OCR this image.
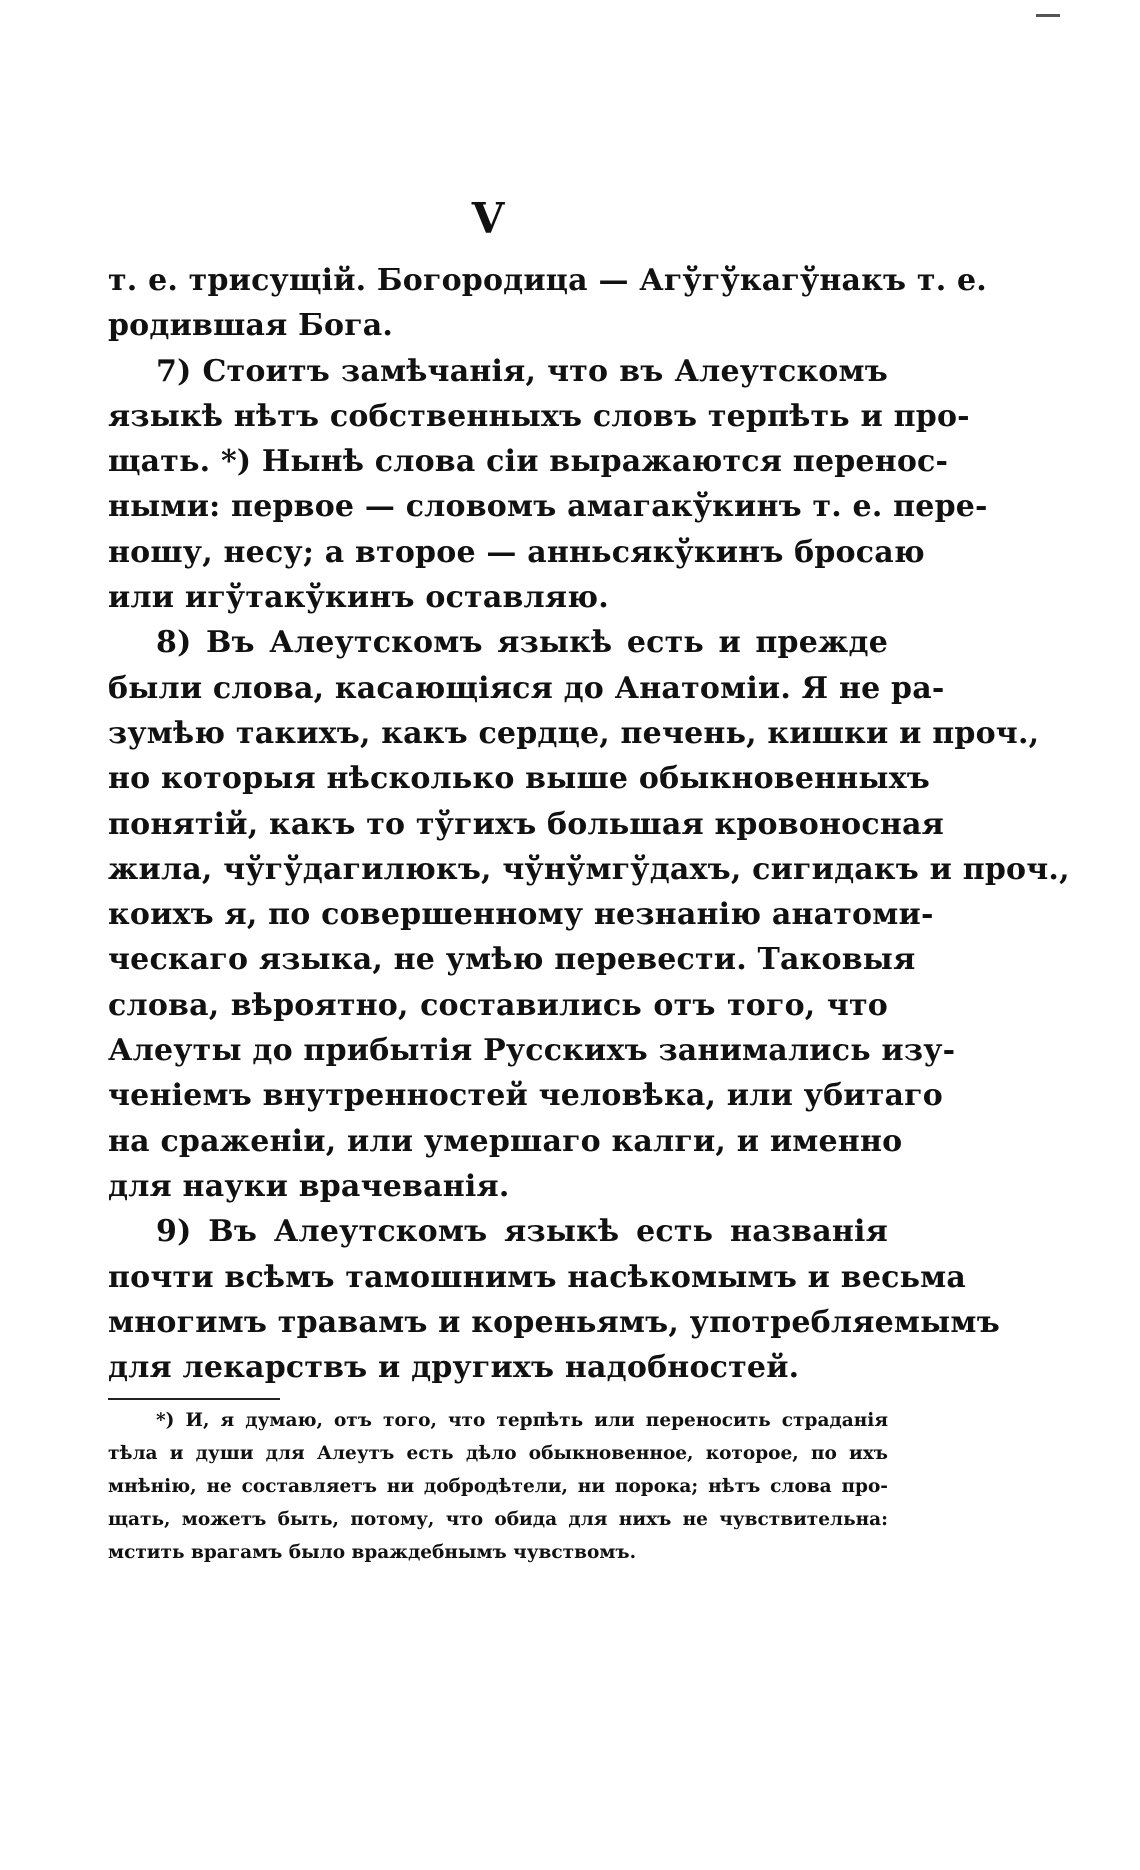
V
т. е. трисущій. Богородица — Агўгўкагўнакъ т. е.
родившая Бога.
7) Стоитъ замѣчанія, что въ Алеутскомъ
языкѣ нѣтъ собственныхъ словъ терпѣть и про-
щать. *) Нынѣ слова сіи выражаются перенос-
ными: первое — словомъ амагакўкинъ т. е. пере-
ношу, несу; а второе — анньсякўкинъ бросаю
или игўтакўкинъ оставляю.
8) Въ Алеутскомъ языкѣ есть и прежде
были слова, касающіяся до Анатоміи. Я не ра-
зумѣю такихъ, какъ сердце, печень, кишки и проч.,
но которыя нѣсколько выше обыкновенныхъ
понятій, какъ то тўгихъ большая кровоносная
жила, чўгўдагилюкъ, чўнўмгўдахъ, сигидакъ и проч.,
коихъ я, по совершенному незнанію анатоми-
ческаго языка, не умѣю перевести. Таковыя
слова, вѣроятно, составились отъ того, что
Алеуты до прибытія Русскихъ занимались изу-
ченіемъ внутренностей человѣка, или убитаго
на сраженіи, или умершаго калги, и именно
для науки врачеванія.
9) Въ Алеутскомъ языкѣ есть названія
почти всѣмъ тамошнимъ насѣкомымъ и весьма
многимъ травамъ и кореньямъ, употребляемымъ
для лекарствъ и другихъ надобностей.
*) И, я думаю, отъ того, что терпѣть или переносить страданія
тѣла и души для Алеутъ есть дѣло обыкновенное, которое, по ихъ
мнѣнію, не составляетъ ни добродѣтели, ни порока; нѣтъ слова про-
щать, можетъ быть, потому, что обида для нихъ не чувствительна:
мстить врагамъ было враждебнымъ чувствомъ.
